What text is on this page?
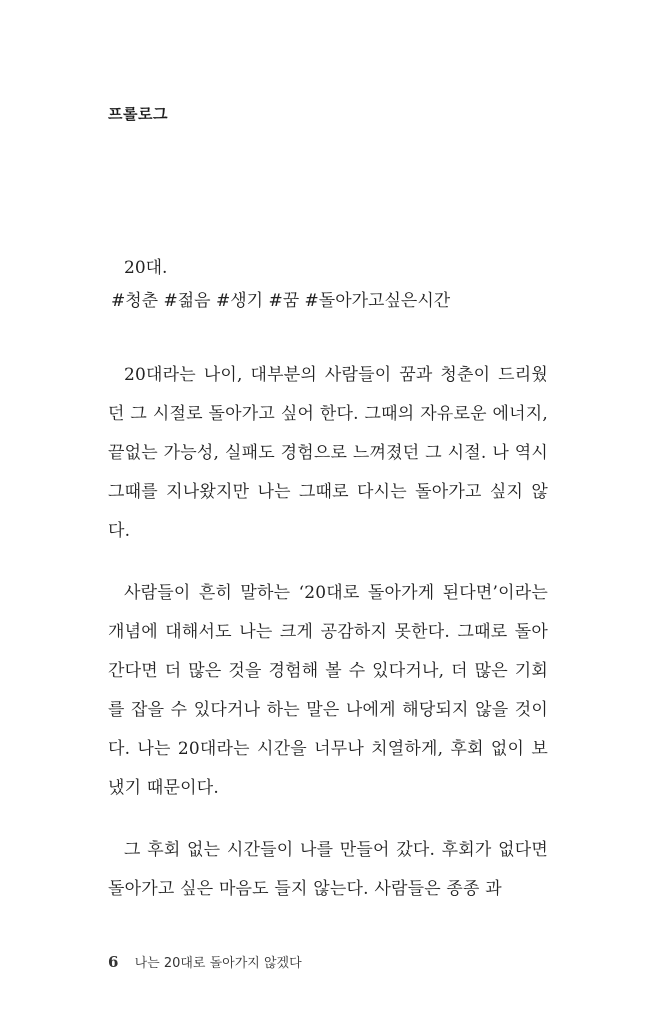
프롤로그
20대.
#청춘 #젊음 #생기 #꿈 #돌아가고싶은시간

20대라는 나이, 대부분의 사람들이 꿈과 청춘이 드리웠던 그 시절로 돌아가고 싶어 한다. 그때의 자유로운 에너지, 끝없는 가능성, 실패도 경험으로 느껴졌던 그 시절. 나 역시 그때를 지나왔지만 나는 그때로 다시는 돌아가고 싶지 않다.

사람들이 흔히 말하는 ‘20대로 돌아가게 된다면’이라는 개념에 대해서도 나는 크게 공감하지 못한다. 그때로 돌아간다면 더 많은 것을 경험해 볼 수 있다거나, 더 많은 기회를 잡을 수 있다거나 하는 말은 나에게 해당되지 않을 것이다. 나는 20대라는 시간을 너무나 치열하게, 후회 없이 보냈기 때문이다.

그 후회 없는 시간들이 나를 만들어 갔다. 후회가 없다면 돌아가고 싶은 마음도 들지 않는다. 사람들은 종종 과

6 나는 20대로 돌아가지 않겠다
